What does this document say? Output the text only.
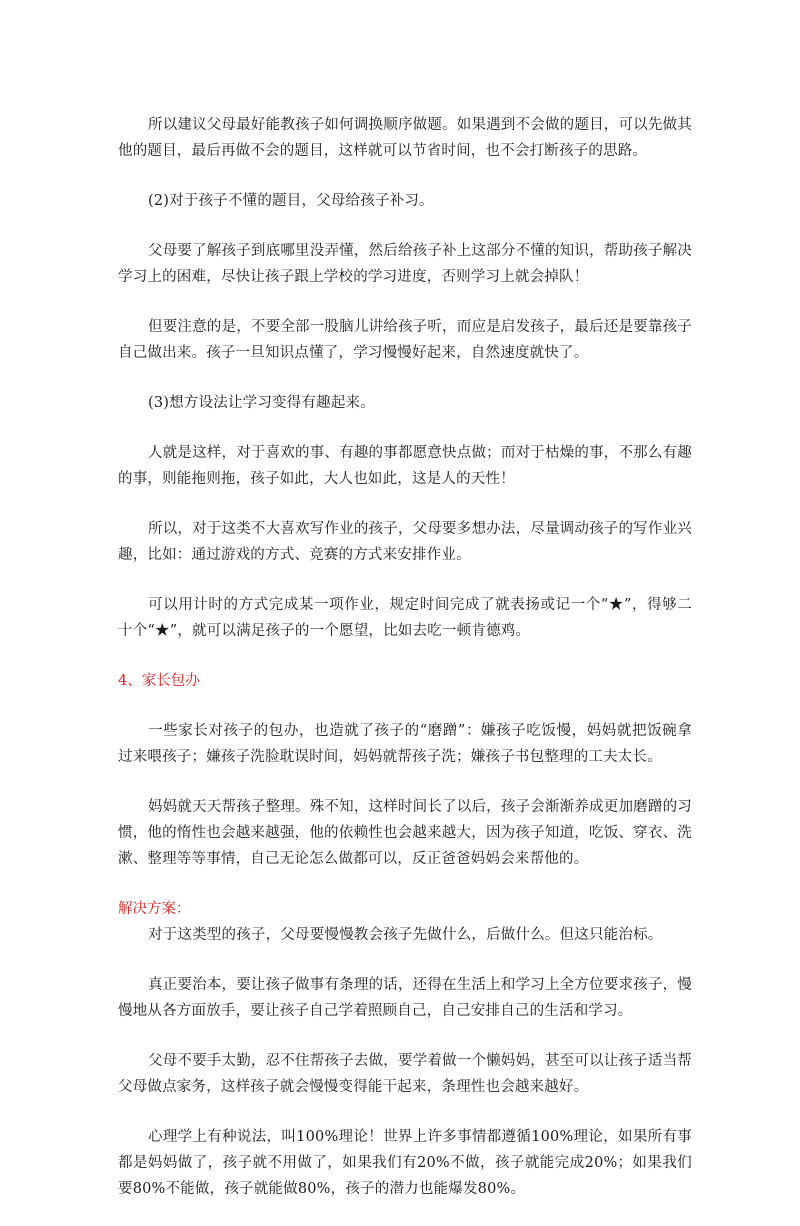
所以建议父母最好能教孩子如何调换顺序做题。如果遇到不会做的题目，可以先做其他的题目，最后再做不会的题目，这样就可以节省时间，也不会打断孩子的思路。

(2)对于孩子不懂的题目，父母给孩子补习。

父母要了解孩子到底哪里没弄懂，然后给孩子补上这部分不懂的知识，帮助孩子解决学习上的困难，尽快让孩子跟上学校的学习进度，否则学习上就会掉队！

但要注意的是，不要全部一股脑儿讲给孩子听，而应是启发孩子，最后还是要靠孩子自己做出来。孩子一旦知识点懂了，学习慢慢好起来，自然速度就快了。

(3)想方设法让学习变得有趣起来。

人就是这样，对于喜欢的事、有趣的事都愿意快点做；而对于枯燥的事，不那么有趣的事，则能拖则拖，孩子如此，大人也如此，这是人的天性！

所以，对于这类不大喜欢写作业的孩子，父母要多想办法，尽量调动孩子的写作业兴趣，比如：通过游戏的方式、竞赛的方式来安排作业。

可以用计时的方式完成某一项作业，规定时间完成了就表扬或记一个“★”，得够二十个“★”，就可以满足孩子的一个愿望，比如去吃一顿肯德鸡。

4、家长包办

一些家长对孩子的包办，也造就了孩子的“磨蹭”：嫌孩子吃饭慢，妈妈就把饭碗拿过来喂孩子；嫌孩子洗脸耽误时间，妈妈就帮孩子洗；嫌孩子书包整理的工夫太长。

妈妈就天天帮孩子整理。殊不知，这样时间长了以后，孩子会渐渐养成更加磨蹭的习惯，他的惰性也会越来越强，他的依赖性也会越来越大，因为孩子知道，吃饭、穿衣、洗漱、整理等等事情，自己无论怎么做都可以，反正爸爸妈妈会来帮他的。

解决方案：

对于这类型的孩子，父母要慢慢教会孩子先做什么，后做什么。但这只能治标。

真正要治本，要让孩子做事有条理的话，还得在生活上和学习上全方位要求孩子，慢慢地从各方面放手，要让孩子自己学着照顾自己，自己安排自己的生活和学习。

父母不要手太勤，忍不住帮孩子去做，要学着做一个懒妈妈，甚至可以让孩子适当帮父母做点家务，这样孩子就会慢慢变得能干起来，条理性也会越来越好。

心理学上有种说法，叫100%理论！世界上许多事情都遵循100%理论，如果所有事都是妈妈做了，孩子就不用做了，如果我们有20%不做，孩子就能完成20%；如果我们要80%不能做，孩子就能做80%，孩子的潜力也能爆发80%。
